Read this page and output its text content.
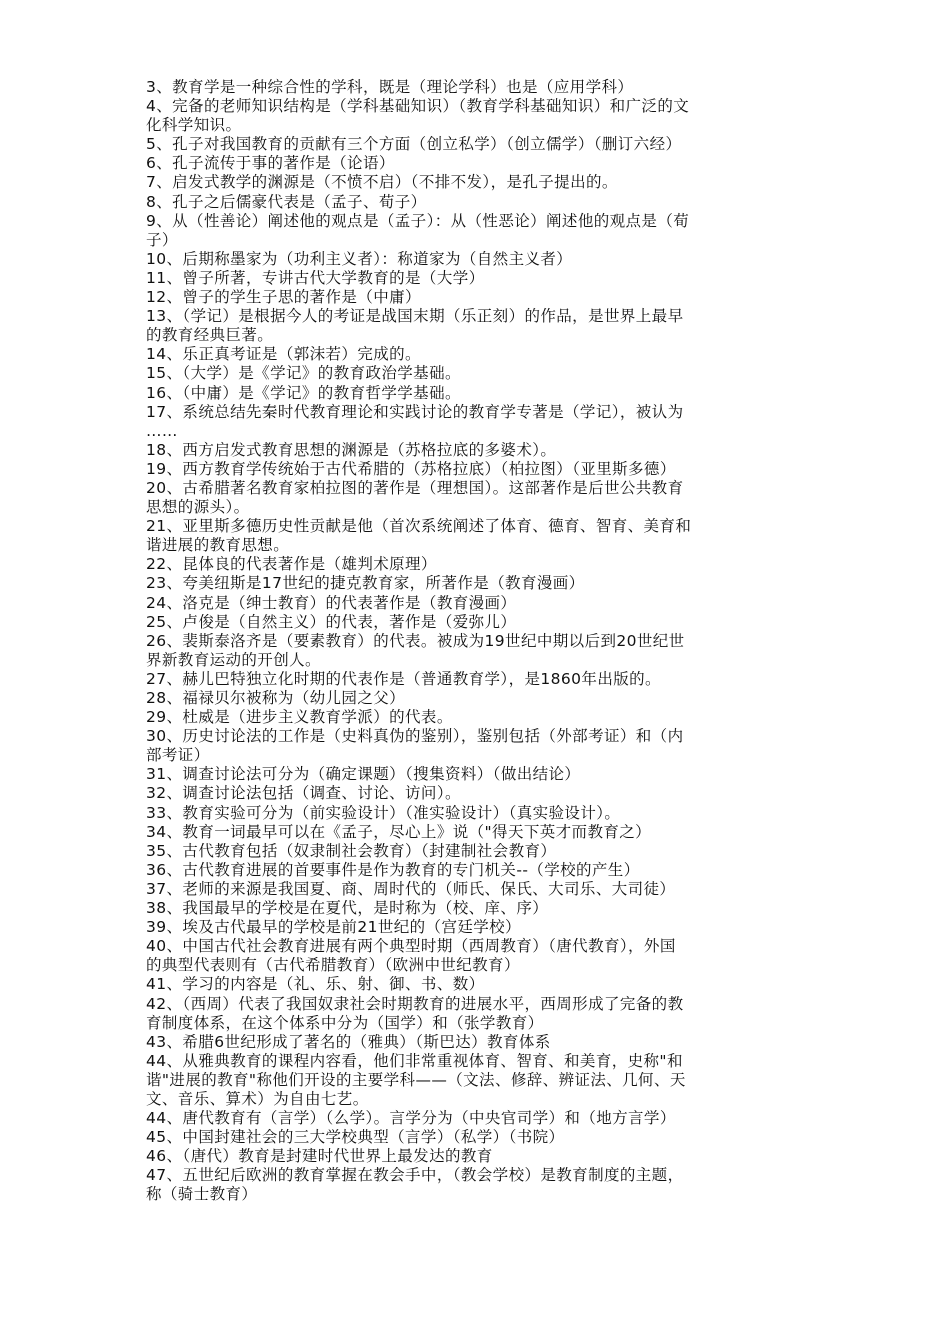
3、教育学是一种综合性的学科，既是（理论学科）也是（应用学科）
4、完备的老师知识结构是（学科基础知识）（教育学科基础知识）和广泛的文
化科学知识。
5、孔子对我国教育的贡献有三个方面（创立私学）（创立儒学）（删订六经）
6、孔子流传于事的著作是（论语）
7、启发式教学的渊源是（不愤不启）（不排不发），是孔子提出的。
8、孔子之后儒豪代表是（孟子、荀子）
9、从（性善论）阐述他的观点是（孟子）：从（性恶论）阐述他的观点是（荀
子）
10、后期称墨家为（功利主义者）：称道家为（自然主义者）
11、曾子所著，专讲古代大学教育的是（大学）
12、曾子的学生子思的著作是（中庸）
13、（学记）是根据今人的考证是战国末期（乐正刻）的作品，是世界上最早
的教育经典巨著。
14、乐正真考证是（郭沫若）完成的。
15、（大学）是《学记》的教育政治学基础。
16、（中庸）是《学记》的教育哲学学基础。
17、系统总结先秦时代教育理论和实践讨论的教育学专著是（学记），被认为
……
18、西方启发式教育思想的渊源是（苏格拉底的多婆术）。
19、西方教育学传统始于古代希腊的（苏格拉底）（柏拉图）（亚里斯多德）
20、古希腊著名教育家柏拉图的著作是（理想国）。这部著作是后世公共教育
思想的源头）。
21、亚里斯多德历史性贡献是他（首次系统阐述了体育、德育、智育、美育和
谐进展的教育思想。
22、昆体良的代表著作是（雄判术原理）
23、夸美纽斯是17世纪的捷克教育家，所著作是（教育漫画）
24、洛克是（绅士教育）的代表著作是（教育漫画）
25、卢俊是（自然主义）的代表，著作是（爱弥儿）
26、裴斯泰洛齐是（要素教育）的代表。被成为19世纪中期以后到20世纪世
界新教育运动的开创人。
27、赫儿巴特独立化时期的代表作是（普通教育学），是1860年出版的。
28、福禄贝尔被称为（幼儿园之父）
29、杜威是（进步主义教育学派）的代表。
30、历史讨论法的工作是（史料真伪的鉴别），鉴别包括（外部考证）和（内
部考证）
31、调查讨论法可分为（确定课题）（搜集资料）（做出结论）
32、调查讨论法包括（调查、讨论、访问）。
33、教育实验可分为（前实验设计）（准实验设计）（真实验设计）。
34、教育一词最早可以在《孟子，尽心上》说（"得天下英才而教育之）
35、古代教育包括（奴隶制社会教育）（封建制社会教育）
36、古代教育进展的首要事件是作为教育的专门机关--（学校的产生）
37、老师的来源是我国夏、商、周时代的（师氏、保氏、大司乐、大司徒）
38、我国最早的学校是在夏代，是时称为（校、庠、序）
39、埃及古代最早的学校是前21世纪的（宫廷学校）
40、中国古代社会教育进展有两个典型时期（西周教育）（唐代教育），外国
的典型代表则有（古代希腊教育）（欧洲中世纪教育）
41、学习的内容是（礼、乐、射、御、书、数）
42、（西周）代表了我国奴隶社会时期教育的进展水平，西周形成了完备的教
育制度体系，在这个体系中分为（国学）和（张学教育）
43、希腊6世纪形成了著名的（雅典）（斯巴达）教育体系
44、从雅典教育的课程内容看，他们非常重视体育、智育、和美育，史称"和
谐"进展的教育"称他们开设的主要学科——（文法、修辞、辨证法、几何、天
文、音乐、算术）为自由七艺。
44、唐代教育有（言学）（么学）。言学分为（中央官司学）和（地方言学）
45、中国封建社会的三大学校典型（言学）（私学）（书院）
46、（唐代）教育是封建时代世界上最发达的教育
47、五世纪后欧洲的教育掌握在教会手中，（教会学校）是教育制度的主题，
称（骑士教育）
